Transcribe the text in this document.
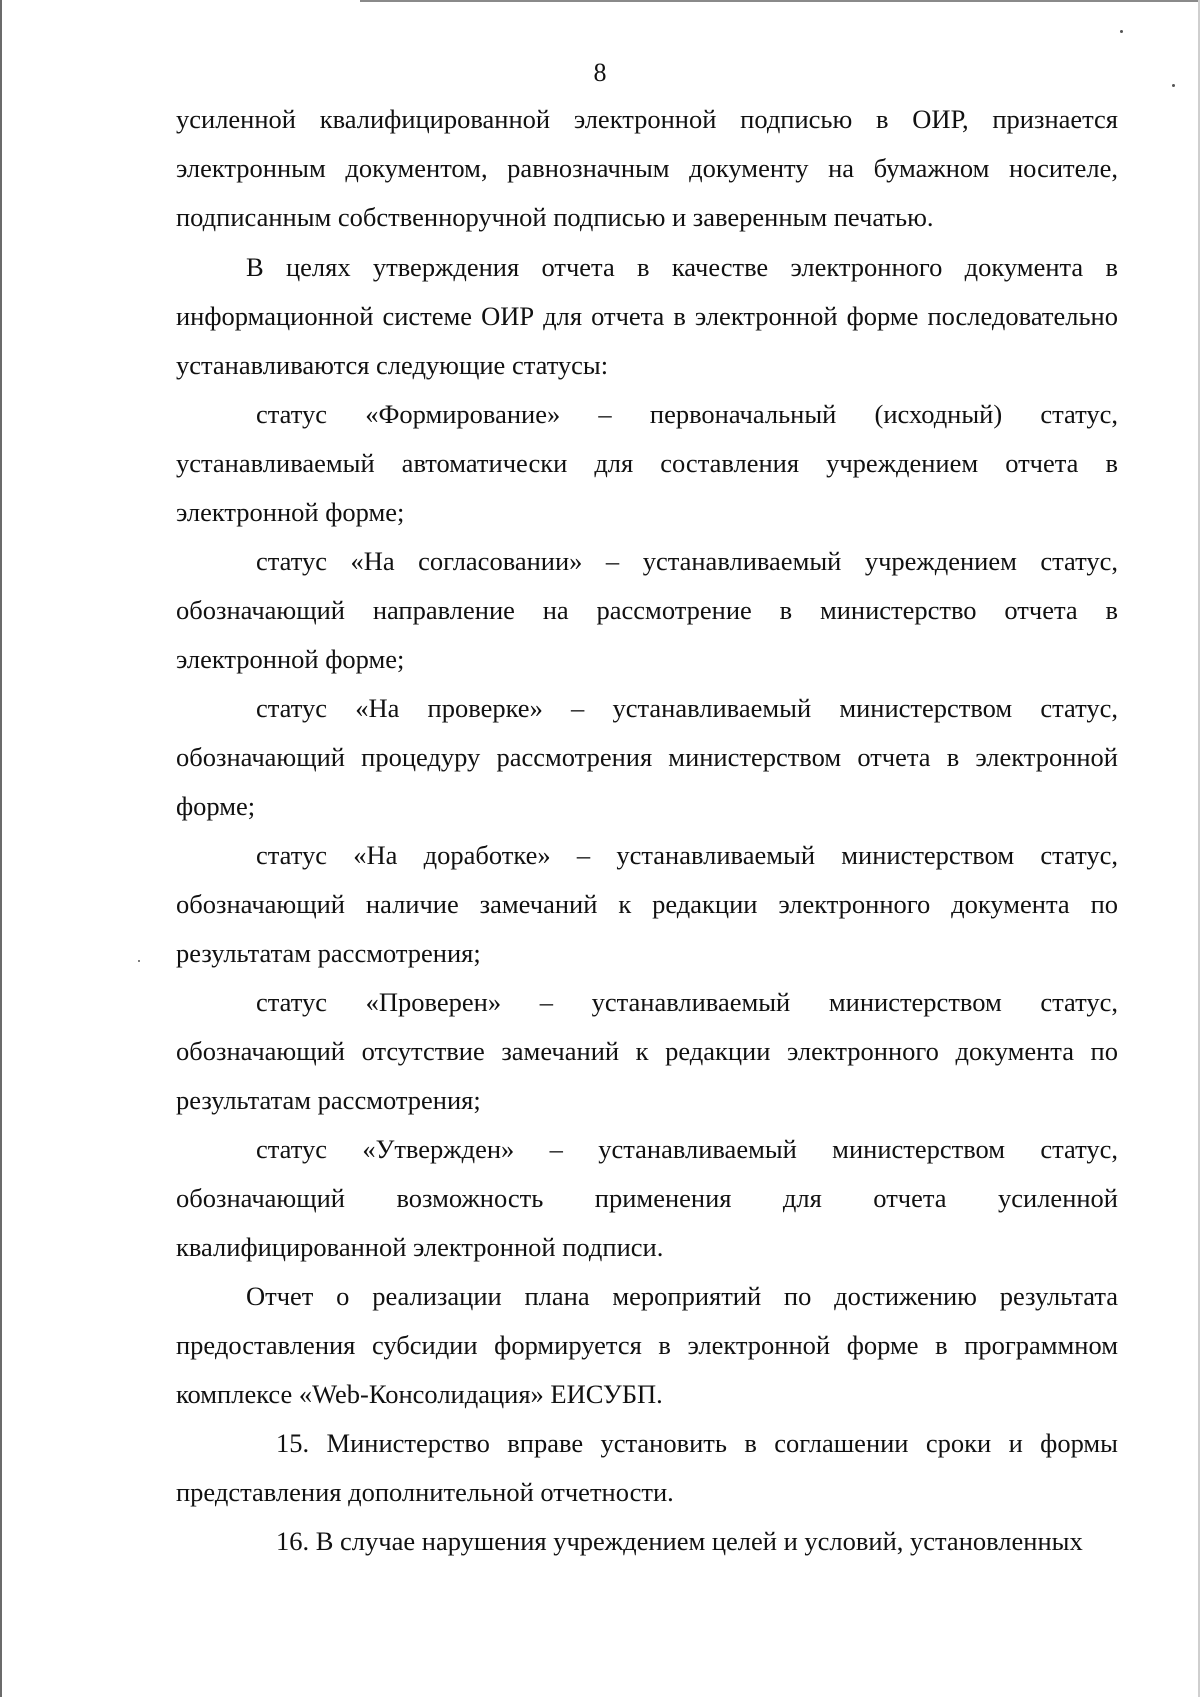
8

усиленной квалифицированной электронной подписью в ОИР, признается электронным документом, равнозначным документу на бумажном носителе, подписанным собственноручной подписью и заверенным печатью.

В целях утверждения отчета в качестве электронного документа в информационной системе ОИР для отчета в электронной форме последовательно устанавливаются следующие статусы:

статус «Формирование» – первоначальный (исходный) статус, устанавливаемый автоматически для составления учреждением отчета в электронной форме;

статус «На согласовании» – устанавливаемый учреждением статус, обозначающий направление на рассмотрение в министерство отчета в электронной форме;

статус «На проверке» – устанавливаемый министерством статус, обозначающий процедуру рассмотрения министерством отчета в электронной форме;

статус «На доработке» – устанавливаемый министерством статус, обозначающий наличие замечаний к редакции электронного документа по результатам рассмотрения;

статус «Проверен» – устанавливаемый министерством статус, обозначающий отсутствие замечаний к редакции электронного документа по результатам рассмотрения;

статус «Утвержден» – устанавливаемый министерством статус, обозначающий возможность применения для отчета усиленной квалифицированной электронной подписи.

Отчет о реализации плана мероприятий по достижению результата предоставления субсидии формируется в электронной форме в программном комплексе «Web-Консолидация» ЕИСУБП.

15. Министерство вправе установить в соглашении сроки и формы представления дополнительной отчетности.

16. В случае нарушения учреждением целей и условий, установленных
